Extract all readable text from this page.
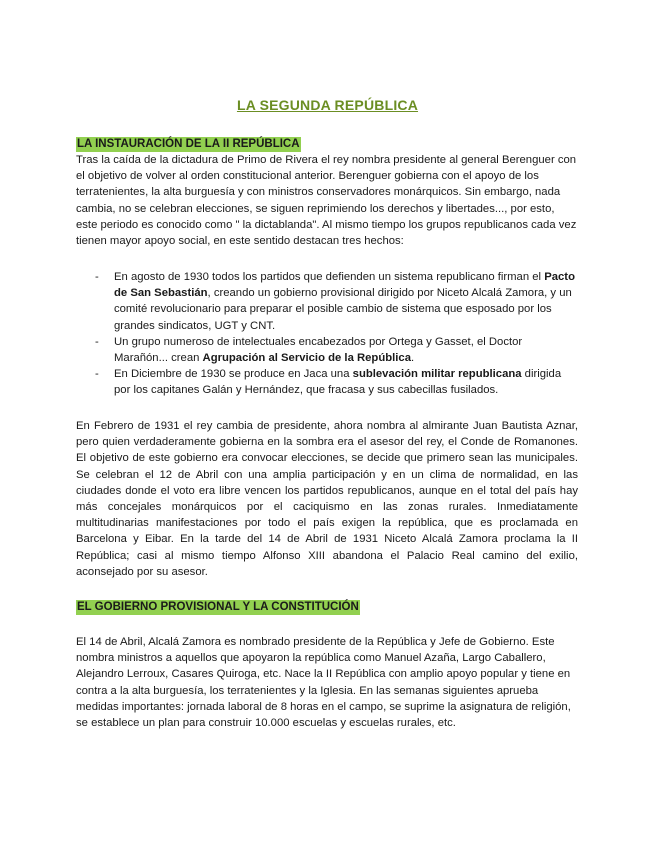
LA SEGUNDA REPÚBLICA
LA INSTAURACIÓN DE LA II REPÚBLICA

Tras la caída de la dictadura de Primo de Rivera el rey nombra presidente al general Berenguer con el objetivo de volver al orden constitucional anterior. Berenguer gobierna con el apoyo de los terratenientes, la alta burguesía y con ministros conservadores monárquicos. Sin embargo, nada cambia, no se celebran elecciones, se siguen reprimiendo los derechos y libertades..., por esto, este periodo es conocido como " la dictablanda". Al mismo tiempo los grupos republicanos cada vez tienen mayor apoyo social, en este sentido destacan tres hechos:

- En agosto de 1930 todos los partidos que defienden un sistema republicano firman el Pacto de San Sebastián, creando un gobierno provisional dirigido por Niceto Alcalá Zamora, y un comité revolucionario para preparar el posible cambio de sistema que esposado por los grandes sindicatos, UGT y CNT.
- Un grupo numeroso de intelectuales encabezados por Ortega y Gasset, el Doctor Marañón... crean Agrupación al Servicio de la República.
- En Diciembre de 1930 se produce en Jaca una sublevación militar republicana dirigida por los capitanes Galán y Hernández, que fracasa y sus cabecillas fusilados.

En Febrero de 1931 el rey cambia de presidente, ahora nombra al almirante Juan Bautista Aznar, pero quien verdaderamente gobierna en la sombra era el asesor del rey, el Conde de Romanones. El objetivo de este gobierno era convocar elecciones, se decide que primero sean las municipales. Se celebran el 12 de Abril con una amplia participación y en un clima de normalidad, en las ciudades donde el voto era libre vencen los partidos republicanos, aunque en el total del país hay más concejales monárquicos por el caciquismo en las zonas rurales. Inmediatamente multitudinarias manifestaciones por todo el país exigen la república, que es proclamada en Barcelona y Eibar. En la tarde del 14 de Abril de 1931 Niceto Alcalá Zamora proclama la II República; casi al mismo tiempo Alfonso XIII abandona el Palacio Real camino del exilio, aconsejado por su asesor.

EL GOBIERNO PROVISIONAL Y LA CONSTITUCIÓN

El 14 de Abril, Alcalá Zamora es nombrado presidente de la República y Jefe de Gobierno. Este nombra ministros a aquellos que apoyaron la república como Manuel Azaña, Largo Caballero, Alejandro Lerroux, Casares Quiroga, etc. Nace la II República con amplio apoyo popular y tiene en contra a la alta burguesía, los terratenientes y la Iglesia. En las semanas siguientes aprueba medidas importantes: jornada laboral de 8 horas en el campo, se suprime la asignatura de religión, se establece un plan para construir 10.000 escuelas y escuelas rurales, etc.
